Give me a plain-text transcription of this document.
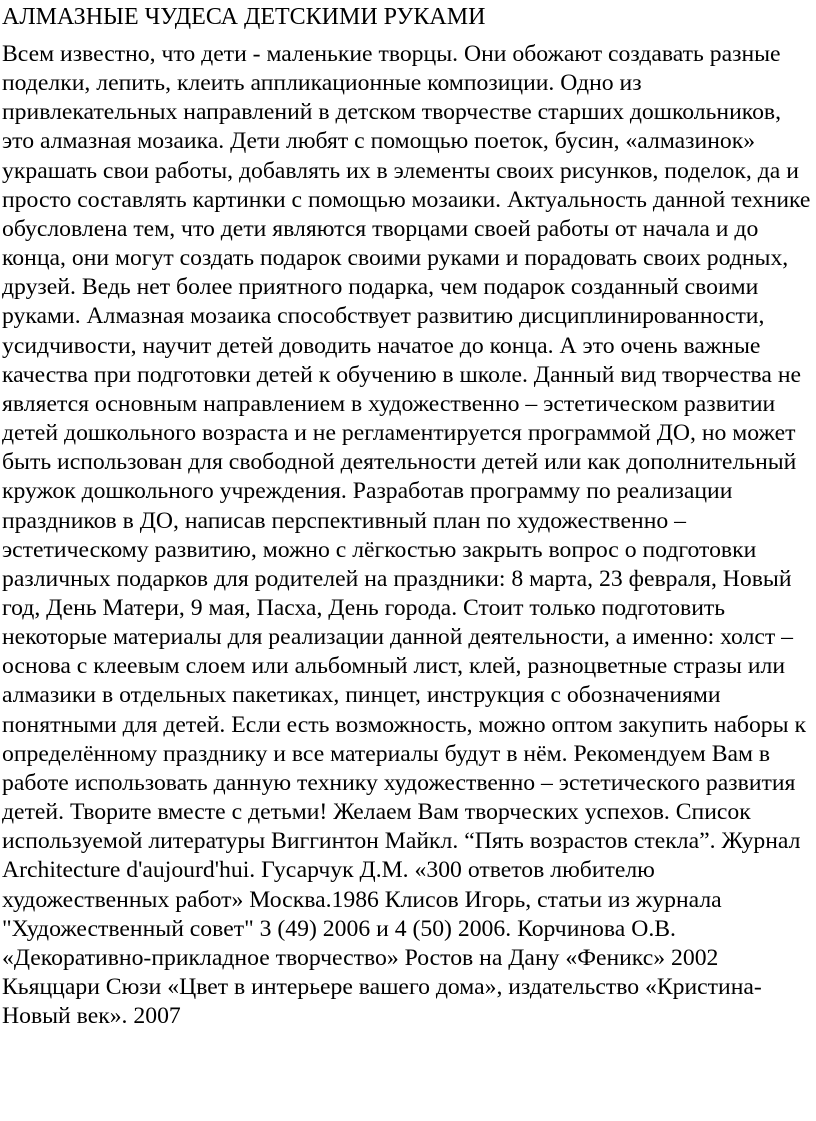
АЛМАЗНЫЕ ЧУДЕСА ДЕТСКИМИ РУКАМИ

Всем известно, что дети - маленькие творцы. Они обожают создавать разные поделки, лепить, клеить аппликационные композиции. Одно из привлекательных направлений в детском творчестве старших дошкольников, это алмазная мозаика. Дети любят с помощью поеток, бусин, «алмазинок» украшать свои работы, добавлять их в элементы своих рисунков, поделок, да и просто составлять картинки с помощью мозаики. Актуальность данной технике обусловлена тем, что дети являются творцами своей работы от начала и до конца, они могут создать подарок своими руками и порадовать своих родных, друзей. Ведь нет более приятного подарка, чем подарок созданный своими руками. Алмазная мозаика способствует развитию дисциплинированности, усидчивости, научит детей доводить начатое до конца. А это очень важные качества при подготовки детей к обучению в школе. Данный вид творчества не является основным направлением в художественно – эстетическом развитии детей дошкольного возраста и не регламентируется программой ДО, но может быть использован для свободной деятельности детей или как дополнительный кружок дошкольного учреждения. Разработав программу по реализации праздников в ДО, написав перспективный план по художественно – эстетическому развитию, можно с лёгкостью закрыть вопрос о подготовки различных подарков для родителей на праздники: 8 марта, 23 февраля, Новый год, День Матери, 9 мая, Пасха, День города. Стоит только подготовить некоторые материалы для реализации данной деятельности, а именно: холст – основа с клеевым слоем или альбомный лист, клей, разноцветные стразы или алмазики в отдельных пакетиках, пинцет, инструкция с обозначениями понятными для детей. Если есть возможность, можно оптом закупить наборы к определённому празднику и все материалы будут в нём. Рекомендуем Вам в работе использовать данную технику художественно – эстетического развития детей. Творите вместе с детьми! Желаем Вам творческих успехов. Список используемой литературы Виггинтон Майкл. “Пять возрастов стекла”. Журнал Architecture d'aujourd'hui. Гусарчук Д.М. «300 ответов любителю художественных работ» Москва.1986 Клисов Игорь, статьи из журнала "Художественный совет" 3 (49) 2006 и 4 (50) 2006. Корчинова О.В. «Декоративно-прикладное творчество» Ростов на Дану «Феникс» 2002 Кьяццари Сюзи «Цвет в интерьере вашего дома», издательство «Кристина-Новый век». 2007
